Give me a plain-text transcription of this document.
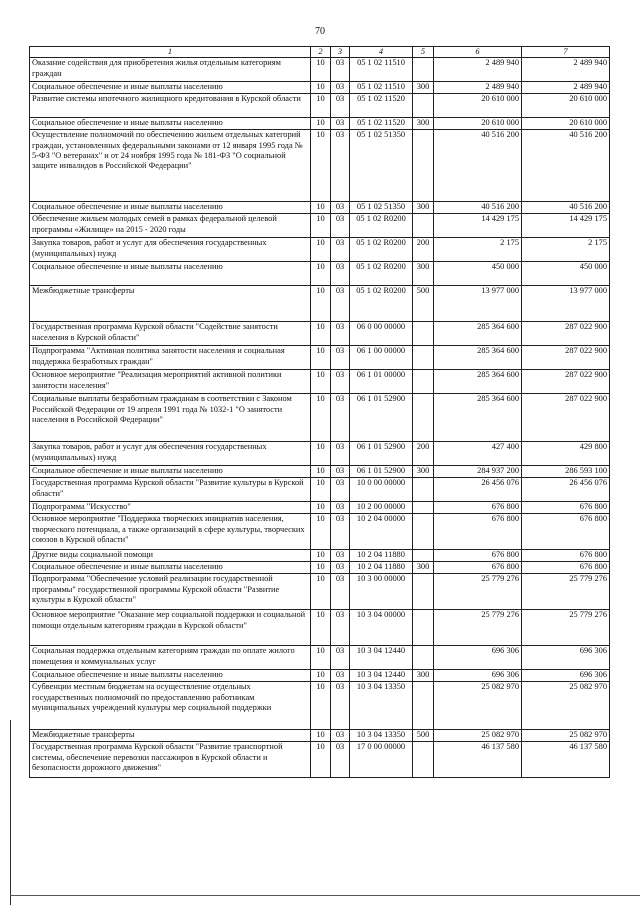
70
1	2	3	4	5	6	7
Оказание содействия для приобретения жилья отдельным категориям граждан	10	03	05 1 02 11510		2 489 940	2 489 940
Социальное обеспечение и иные выплаты населению	10	03	05 1 02 11510	300	2 489 940	2 489 940
Развитие системы ипотечного жилищного кредитования в Курской области	10	03	05 1 02 11520		20 610 000	20 610 000
Социальное обеспечение и иные выплаты населению	10	03	05 1 02 11520	300	20 610 000	20 610 000
Осуществление полномочий по обеспечению жильем отдельных категорий граждан, установленных федеральными законами от 12 января 1995 года № 5-ФЗ "О ветеранах" и от 24 ноября 1995 года № 181-ФЗ "О социальной защите инвалидов в Российской Федерации"	10	03	05 1 02 51350		40 516 200	40 516 200
Социальное обеспечение и иные выплаты населению	10	03	05 1 02 51350	300	40 516 200	40 516 200
Обеспечение жильем молодых семей в рамках федеральной целевой программы «Жилище» на 2015 - 2020 годы	10	03	05 1 02 R0200		14 429 175	14 429 175
Закупка товаров, работ и услуг для обеспечения государственных (муниципальных) нужд	10	03	05 1 02 R0200	200	2 175	2 175
Социальное обеспечение и иные выплаты населению	10	03	05 1 02 R0200	300	450 000	450 000
Межбюджетные трансферты	10	03	05 1 02 R0200	500	13 977 000	13 977 000
Государственная программа Курской области "Содействие занятости населения в Курской области"	10	03	06 0 00 00000		285 364 600	287 022 900
Подпрограмма "Активная политика занятости населения и социальная поддержка безработных граждан"	10	03	06 1 00 00000		285 364 600	287 022 900
Основное мероприятие "Реализация мероприятий активной политики занятости населения"	10	03	06 1 01 00000		285 364 600	287 022 900
Социальные выплаты безработным гражданам в соответствии с Законом Российской Федерации от 19 апреля 1991 года № 1032-1 "О занятости населения в Российской Федерации"	10	03	06 1 01 52900		285 364 600	287 022 900
Закупка товаров, работ и услуг для обеспечения государственных (муниципальных) нужд	10	03	06 1 01 52900	200	427 400	429 800
Социальное обеспечение и иные выплаты населению	10	03	06 1 01 52900	300	284 937 200	286 593 100
Государственная программа Курской области "Развитие культуры в Курской области"	10	03	10 0 00 00000		26 456 076	26 456 076
Подпрограмма "Искусство"	10	03	10 2 00 00000		676 800	676 800
Основное мероприятие "Поддержка творческих инициатив населения, творческого потенциала, а также организаций в сфере культуры, творческих союзов в Курской области"	10	03	10 2 04 00000		676 800	676 800
Другие виды социальной помощи	10	03	10 2 04 11880		676 800	676 800
Социальное обеспечение и иные выплаты населению	10	03	10 2 04 11880	300	676 800	676 800
Подпрограмма "Обеспечение условий реализации государственной программы" государственной программы Курской области "Развитие культуры в Курской области"	10	03	10 3 00 00000		25 779 276	25 779 276
Основное мероприятие "Оказание мер социальной поддержки и социальной помощи отдельным категориям граждан в Курской области"	10	03	10 3 04 00000		25 779 276	25 779 276
Социальная поддержка отдельным категориям граждан по оплате жилого помещения и коммунальных услуг	10	03	10 3 04 12440		696 306	696 306
Социальное обеспечение и иные выплаты населению	10	03	10 3 04 12440	300	696 306	696 306
Субвенции местным бюджетам на осуществление отдельных государственных полномочий по предоставлению работникам муниципальных учреждений культуры мер социальной поддержки	10	03	10 3 04 13350		25 082 970	25 082 970
Межбюджетные трансферты	10	03	10 3 04 13350	500	25 082 970	25 082 970
Государственная программа Курской области "Развитие транспортной системы, обеспечение перевозки пассажиров в Курской области и безопасности дорожного движения"	10	03	17 0 00 00000		46 137 580	46 137 580
